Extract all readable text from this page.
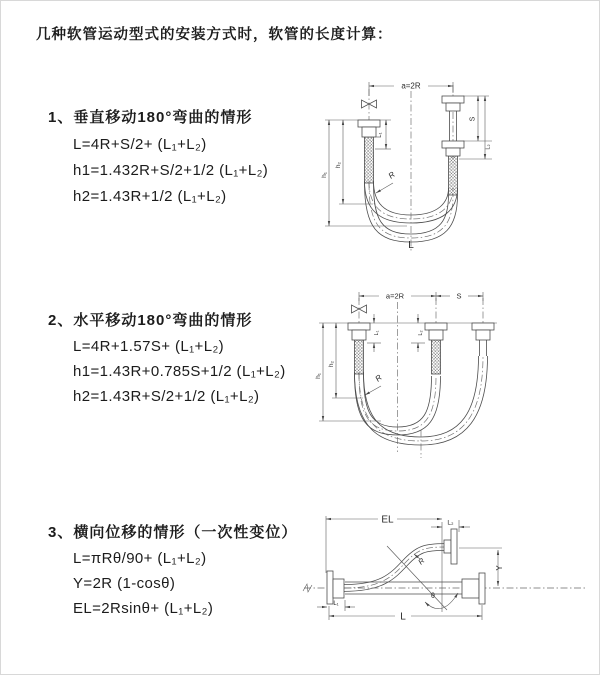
几种软管运动型式的安装方式时，软管的长度计算：
1、垂直移动180°弯曲的情形
L=4R+S/2+ (L₁+L₂)
h1=1.432R+S/2+1/2 (L₁+L₂)
h2=1.43R+1/2 (L₁+L₂)
2、水平移动180°弯曲的情形
L=4R+1.57S+ (L₁+L₂)
h1=1.43R+0.785S+1/2 (L₁+L₂)
h2=1.43R+S/2+1/2 (L₁+L₂)
3、横向位移的情形（一次性变位）
L=πRθ/90+ (L₁+L₂)
Y=2R (1-cosθ)
EL=2Rsinθ+ (L₁+L₂)
a=2R
L₁
h₁
h₂
S
L₂
R
L
a=2R	S
L₁	L₂
h₁
h₂
R
θ
EL	L₂
Y
L
L₁
R
